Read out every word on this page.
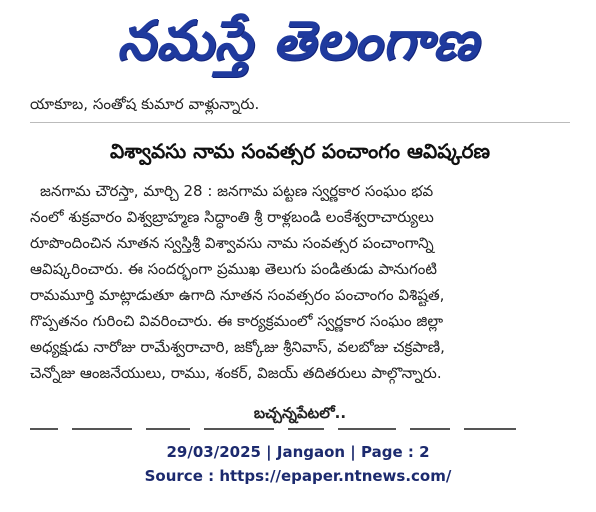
నమస్తే తెలంగాణ
యాకూబ, సంతోష కుమార వాళ్లున్నారు.
విశ్వావసు నామ సంవత్సర పంచాంగం ఆవిష్కరణ
జనగామ చౌరస్తా, మార్చి 28 : జనగామ పట్టణ స్వర్ణకార సంఘం భవ
నంలో శుక్రవారం విశ్వబ్రాహ్మణ సిద్ధాంతి శ్రీ రాళ్లబండి లంకేశ్వరాచార్యులు
రూపొందించిన నూతన స్వస్తిశ్రీ విశ్వావసు నామ సంవత్సర పంచాంగాన్ని
ఆవిష్కరించారు. ఈ సందర్భంగా ప్రముఖ తెలుగు పండితుడు పానుగంటి
రామమూర్తి మాట్లాడుతూ ఉగాది నూతన సంవత్సరం పంచాంగం విశిష్టత,
గొప్పతనం గురించి వివరించారు. ఈ కార్యక్రమంలో స్వర్ణకార సంఘం జిల్లా
అధ్యక్షుడు నారోజు రామేశ్వరాచారి, జక్కోజు శ్రీనివాస్, వలబోజు చక్రపాణి,
చెన్నోజు ఆంజనేయులు, రాము, శంకర్, విజయ్ తదితరులు పాల్గొన్నారు.
బచ్చన్నపేటలో..
29/03/2025 | Jangaon | Page : 2
Source : https://epaper.ntnews.com/
